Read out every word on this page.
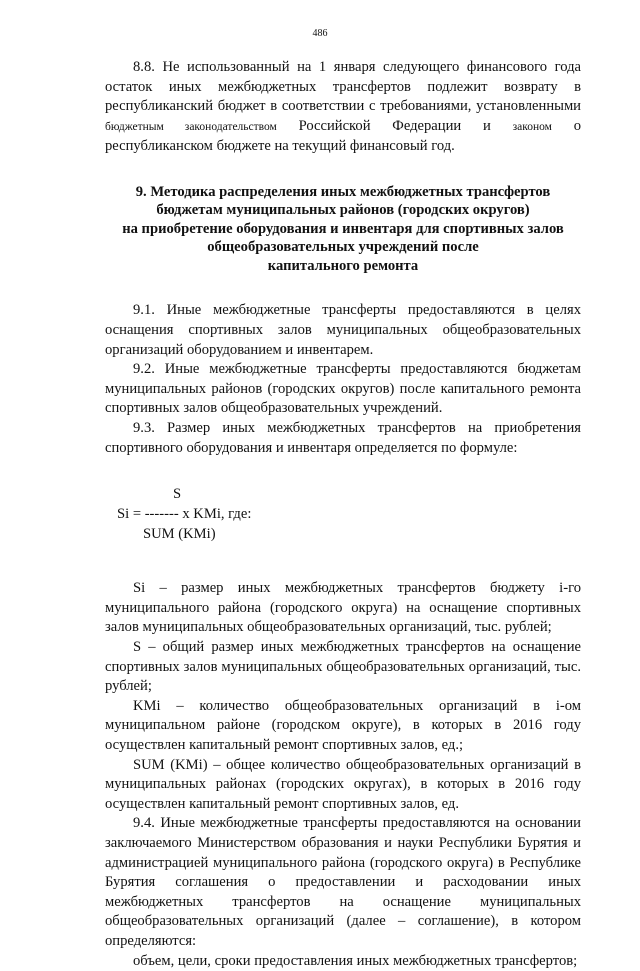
486

8.8. Не использованный на 1 января следующего финансового года остаток иных межбюджетных трансфертов подлежит возврату в республиканский бюджет в соответствии с требованиями, установленными бюджетным законодательством Российской Федерации и законом о республиканском бюджете на текущий финансовый год.

9. Методика распределения иных межбюджетных трансфертов
бюджетам муниципальных районов (городских округов)
на приобретение оборудования и инвентаря для спортивных залов
общеобразовательных учреждений после
капитального ремонта

9.1. Иные межбюджетные трансферты предоставляются в целях оснащения спортивных залов муниципальных общеобразовательных организаций оборудованием и инвентарем.

9.2. Иные межбюджетные трансферты предоставляются бюджетам муниципальных районов (городских округов) после капитального ремонта спортивных залов общеобразовательных учреждений.

9.3. Размер иных межбюджетных трансфертов на приобретения спортивного оборудования и инвентаря определяется по формуле:

S
Si = ------- x KMi, где:
SUM (KMi)

Si – размер иных межбюджетных трансфертов бюджету i-го муниципального района (городского округа) на оснащение спортивных залов муниципальных общеобразовательных организаций, тыс. рублей;

S – общий размер иных межбюджетных трансфертов на оснащение спортивных залов муниципальных общеобразовательных организаций, тыс. рублей;

KMi – количество общеобразовательных организаций в i-ом муниципальном районе (городском округе), в которых в 2016 году осуществлен капитальный ремонт спортивных залов, ед.;

SUM (KMi) – общее количество общеобразовательных организаций в муниципальных районах (городских округах), в которых в 2016 году осуществлен капитальный ремонт спортивных залов, ед.

9.4. Иные межбюджетные трансферты предоставляются на основании заключаемого Министерством образования и науки Республики Бурятия и администрацией муниципального района (городского округа) в Республике Бурятия соглашения о предоставлении и расходовании иных межбюджетных трансфертов на оснащение муниципальных общеобразовательных организаций (далее – соглашение), в котором определяются:

объем, цели, сроки предоставления иных межбюджетных трансфертов;
